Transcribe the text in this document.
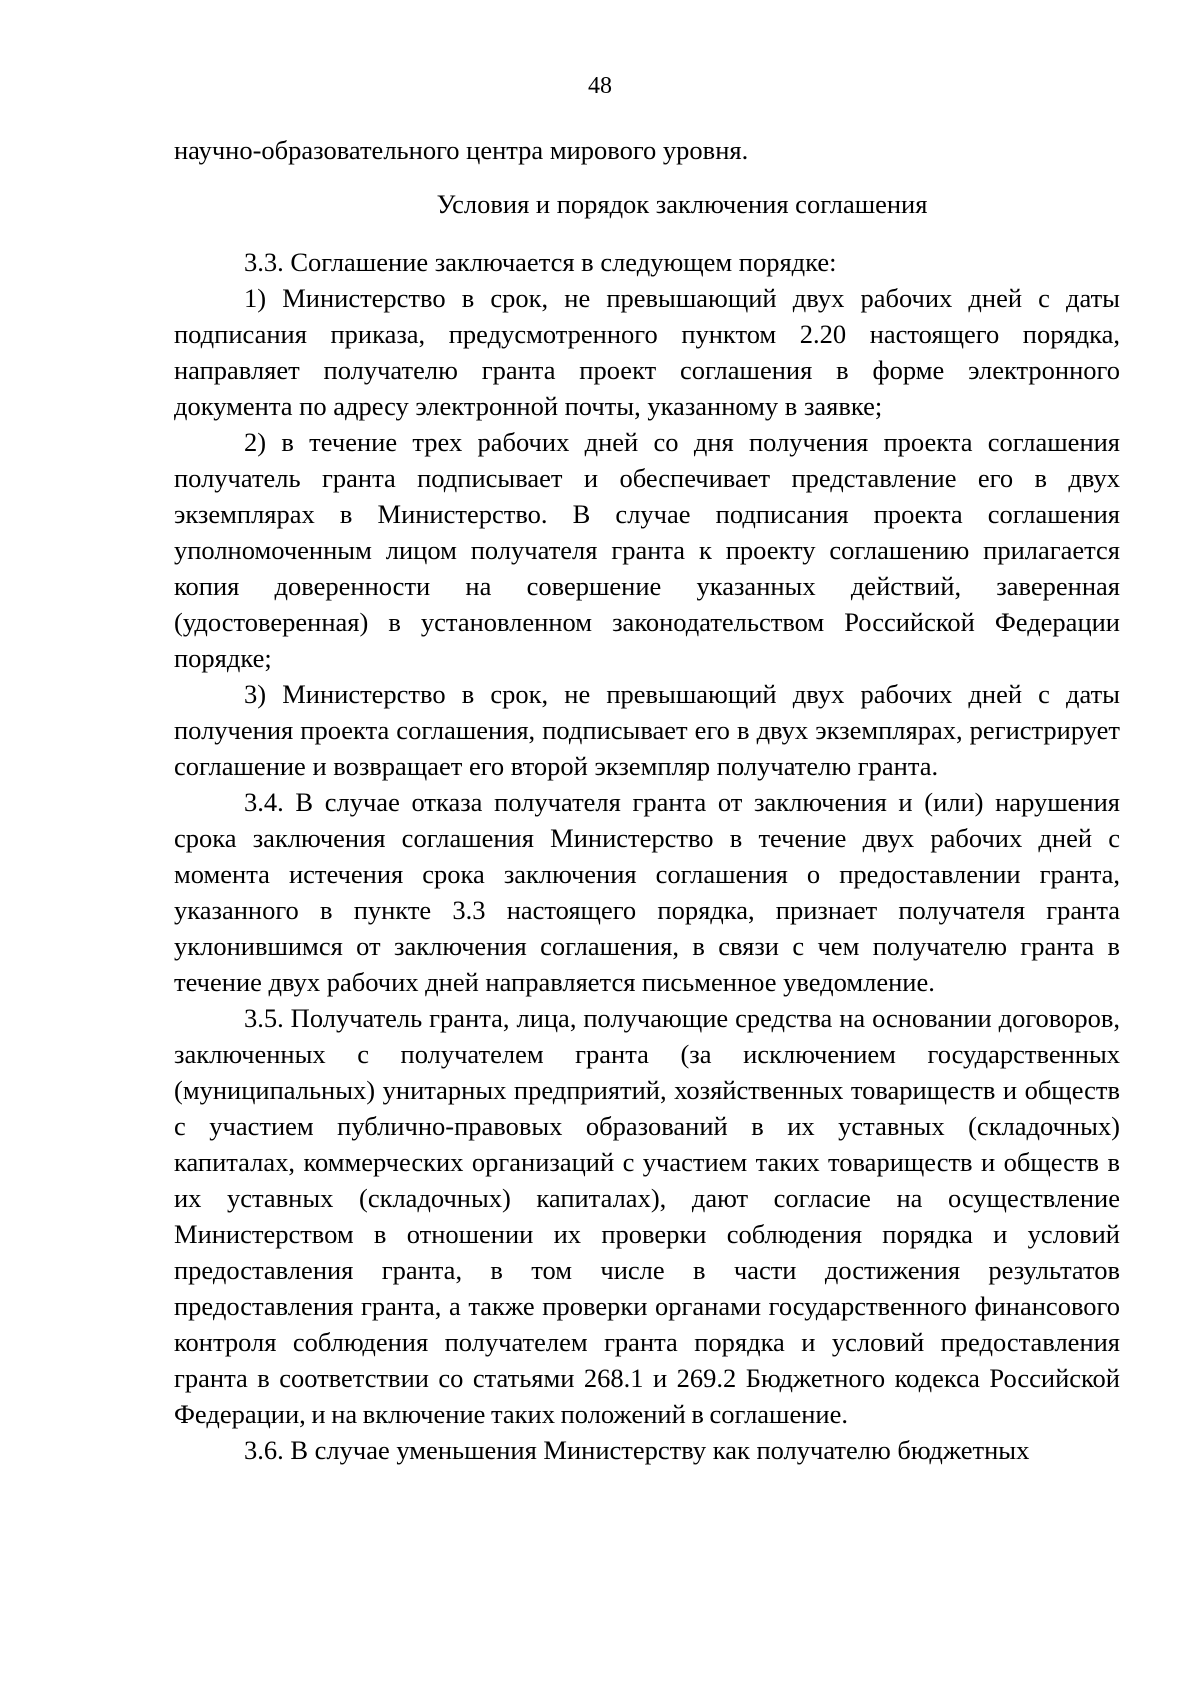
48

научно-образовательного центра мирового уровня.

Условия и порядок заключения соглашения

3.3. Соглашение заключается в следующем порядке:

1) Министерство в срок, не превышающий двух рабочих дней с даты подписания приказа, предусмотренного пунктом 2.20 настоящего порядка, направляет получателю гранта проект соглашения в форме электронного документа по адресу электронной почты, указанному в заявке;

2) в течение трех рабочих дней со дня получения проекта соглашения получатель гранта подписывает и обеспечивает представление его в двух экземплярах в Министерство. В случае подписания проекта соглашения уполномоченным лицом получателя гранта к проекту соглашению прилагается копия доверенности на совершение указанных действий, заверенная (удостоверенная) в установленном законодательством Российской Федерации порядке;

3) Министерство в срок, не превышающий двух рабочих дней с даты получения проекта соглашения, подписывает его в двух экземплярах, регистрирует соглашение и возвращает его второй экземпляр получателю гранта.

3.4. В случае отказа получателя гранта от заключения и (или) нарушения срока заключения соглашения Министерство в течение двух рабочих дней с момента истечения срока заключения соглашения о предоставлении гранта, указанного в пункте 3.3 настоящего порядка, признает получателя гранта уклонившимся от заключения соглашения, в связи с чем получателю гранта в течение двух рабочих дней направляется письменное уведомление.

3.5. Получатель гранта, лица, получающие средства на основании договоров, заключенных с получателем гранта (за исключением государственных (муниципальных) унитарных предприятий, хозяйственных товариществ и обществ с участием публично-правовых образований в их уставных (складочных) капиталах, коммерческих организаций с участием таких товариществ и обществ в их уставных (складочных) капиталах), дают согласие на осуществление Министерством в отношении их проверки соблюдения порядка и условий предоставления гранта, в том числе в части достижения результатов предоставления гранта, а также проверки органами государственного финансового контроля соблюдения получателем гранта порядка и условий предоставления гранта в соответствии со статьями 268.1 и 269.2 Бюджетного кодекса Российской Федерации, и на включение таких положений в соглашение.

3.6. В случае уменьшения Министерству как получателю бюджетных
